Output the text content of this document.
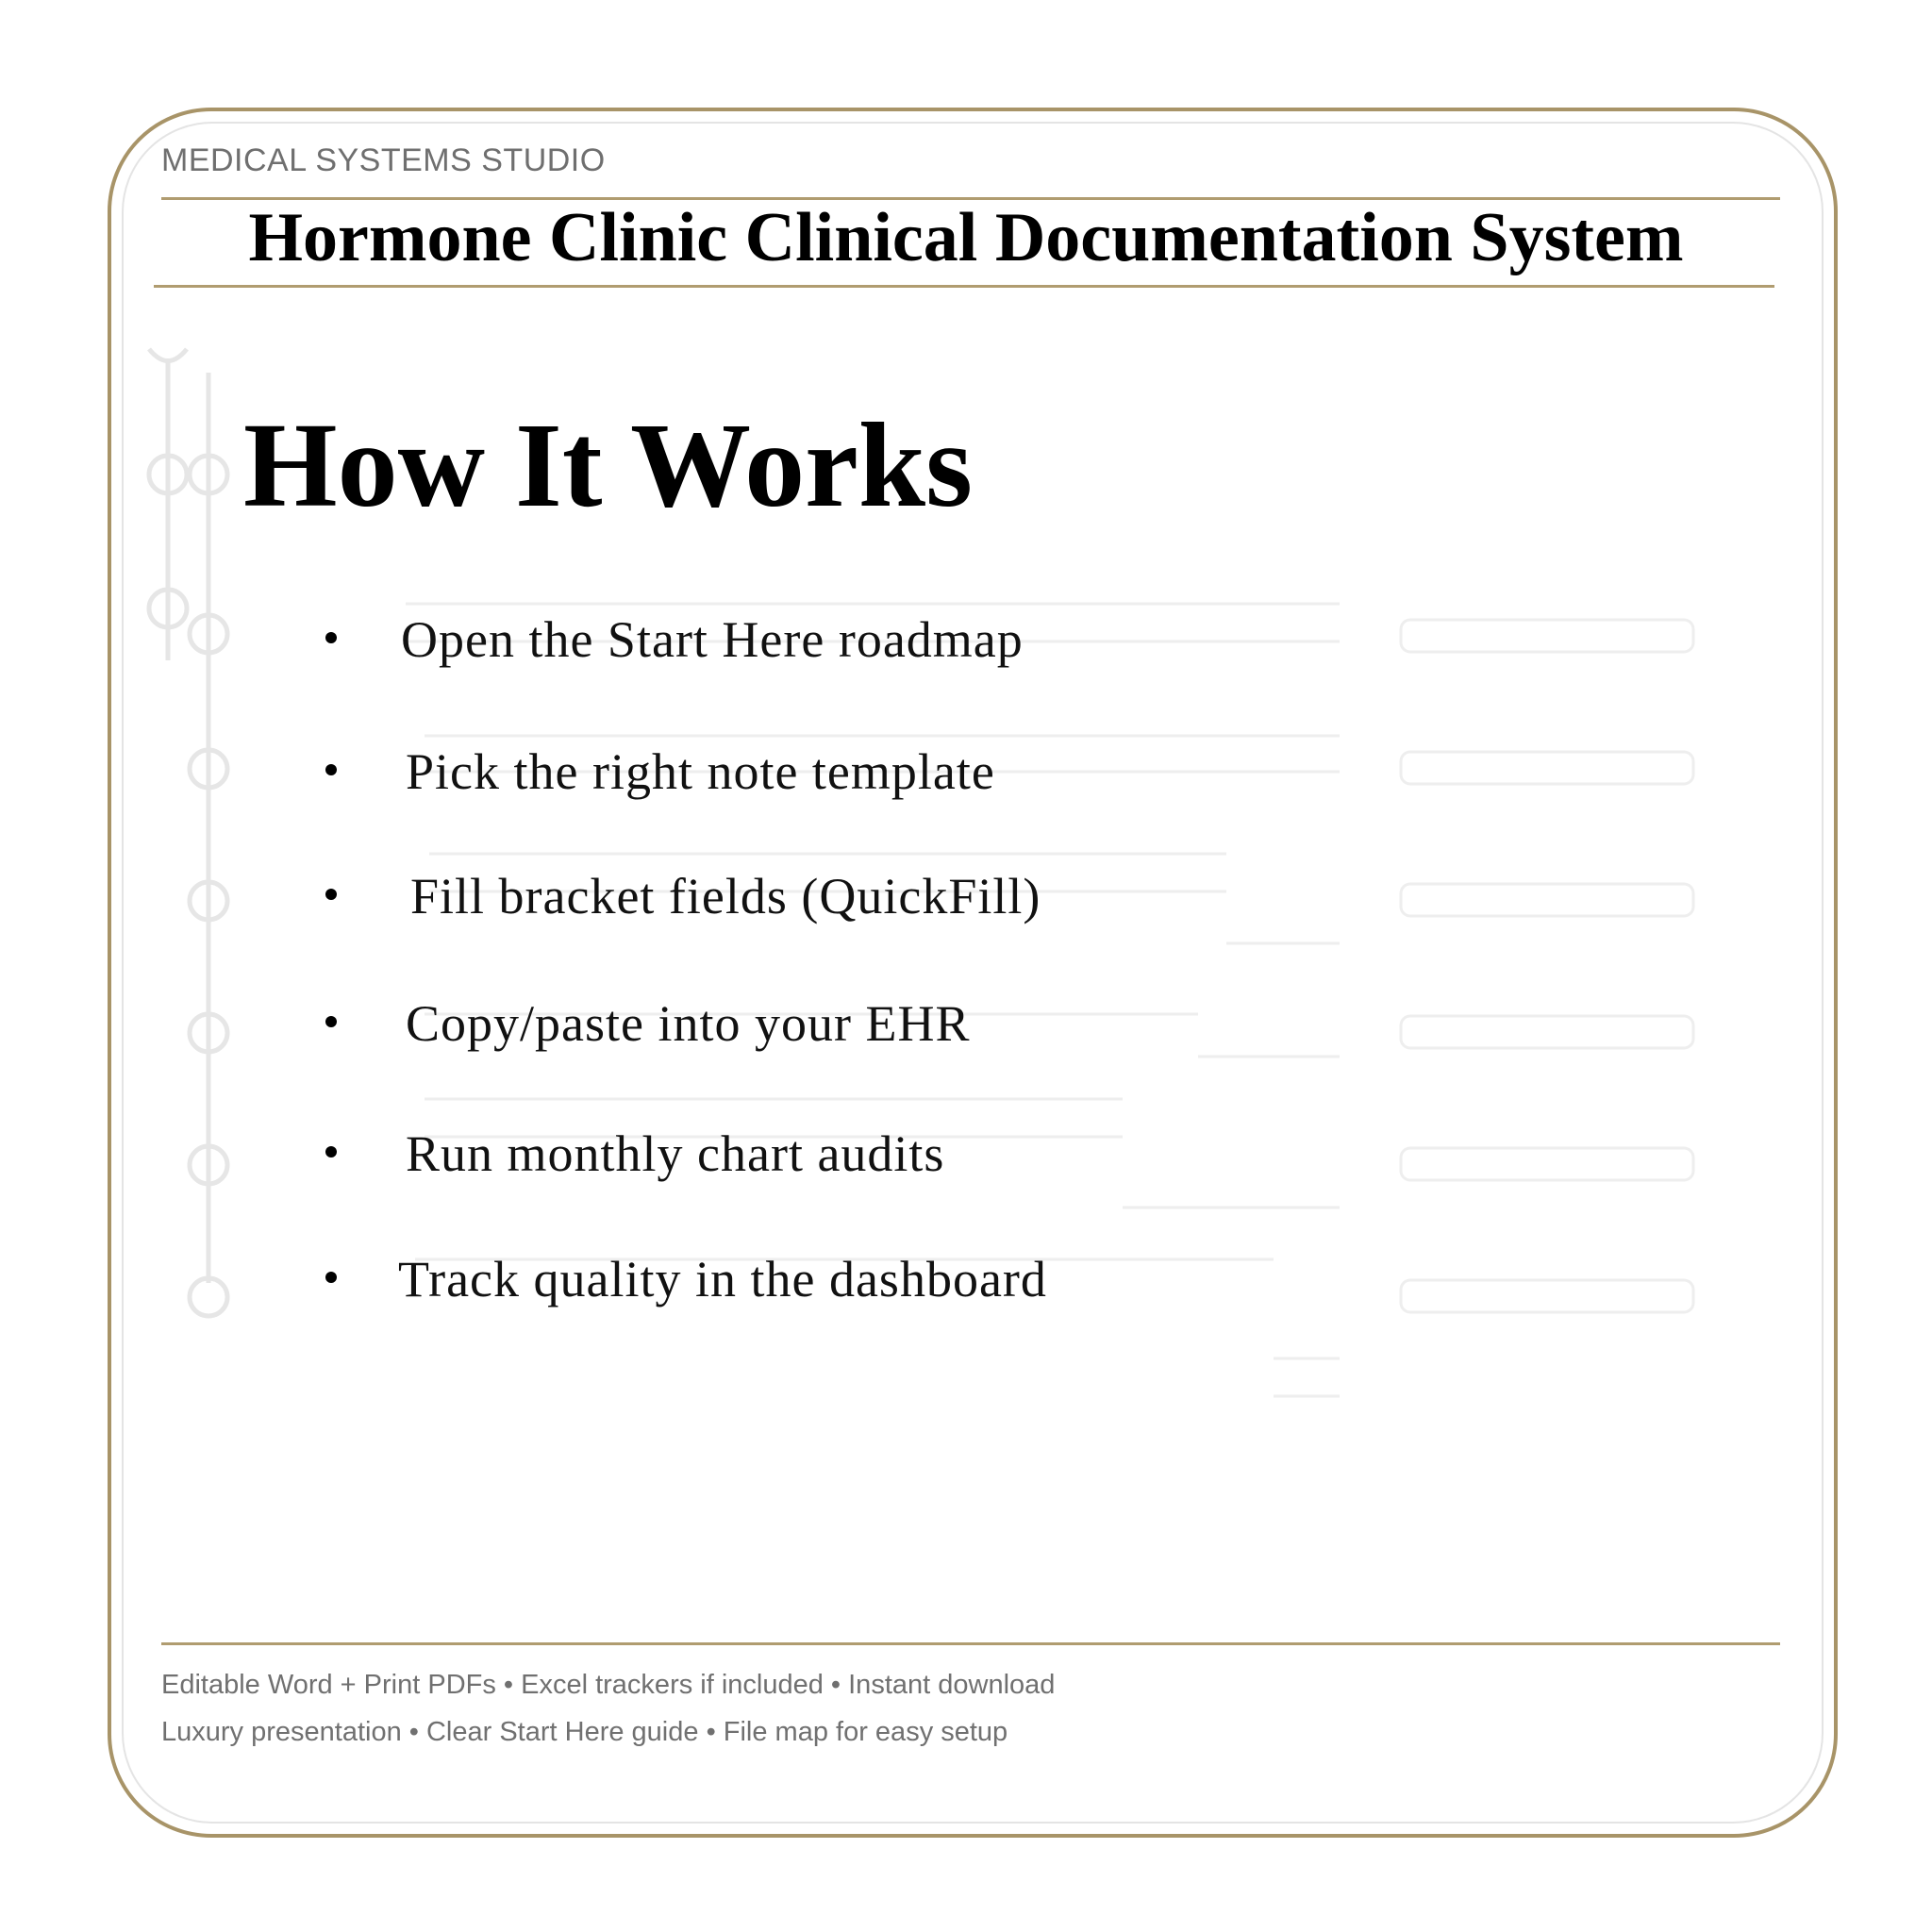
MEDICAL SYSTEMS STUDIO
Hormone Clinic Clinical Documentation System
How It Works
Open the Start Here roadmap
Pick the right note template
Fill bracket fields (QuickFill)
Copy/paste into your EHR
Run monthly chart audits
Track quality in the dashboard
Editable Word + Print PDFs • Excel trackers if included • Instant download
Luxury presentation • Clear Start Here guide • File map for easy setup
